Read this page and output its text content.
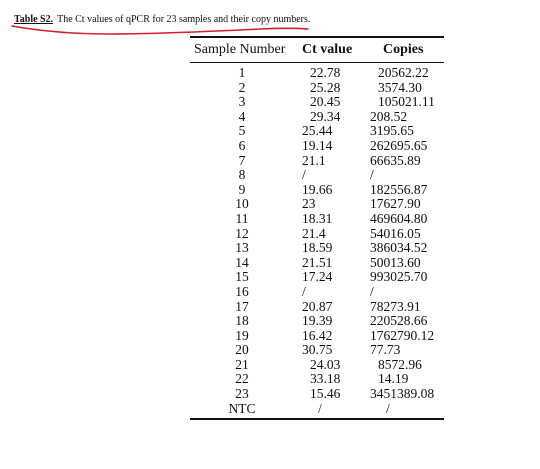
Table S2. The Ct values of qPCR for 23 samples and their copy numbers.
Sample Number Ct value Copies
1	22.78	20562.22
2	25.28	3574.30
3	20.45	105021.11
4	29.34 208.52
5	25.44	3195.65
6	19.14	262695.65
7	21.1	66635.89
8	/	/
9	19.66	182556.87
10	23	17627.90
11	18.31	469604.80
12	21.4	54016.05
13	18.59	386034.52
14	21.51	50013.60
15	17.24	993025.70
16	/	/
17	20.87	78273.91
18	19.39	220528.66
19	16.42	1762790.12
20	30.75	77.73
21	24.03	8572.96
22	33.18	14.19
23	15.46 3451389.08
NTC	/	/
